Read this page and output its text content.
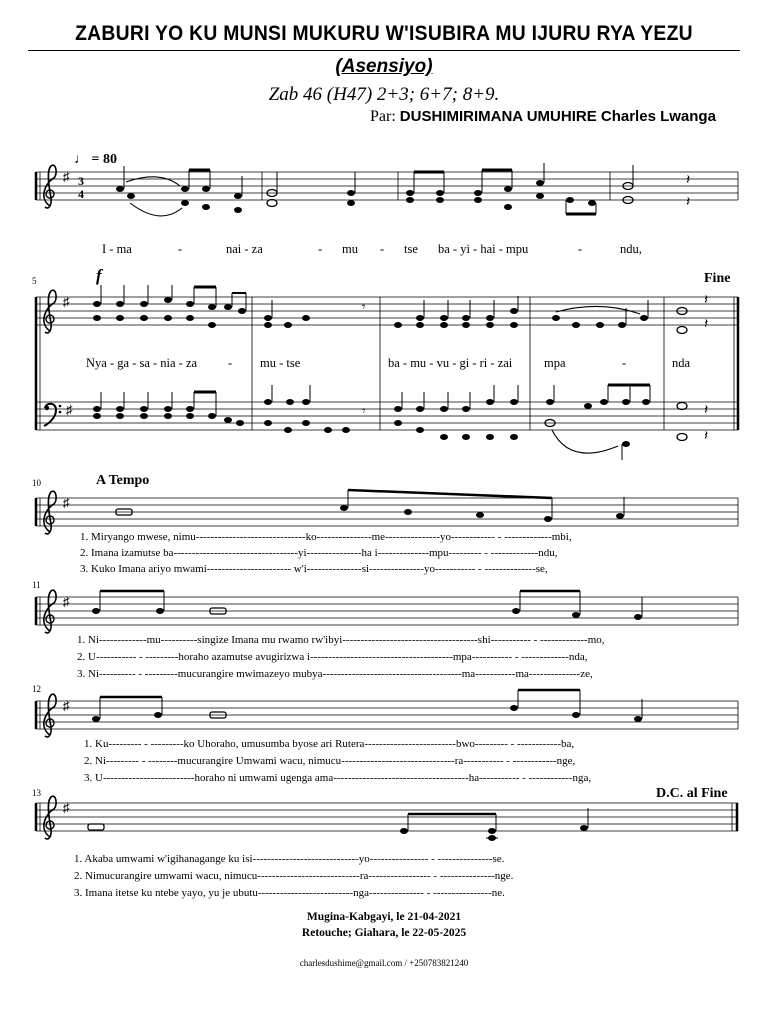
ZABURI YO KU MUNSI MUKURU W'ISUBIRA MU IJURU RYA YEZU
(Asensiyo)
Zab 46 (H47) 2+3; 6+7; 8+9.
Par: DUSHIMIRIMANA UMUHIRE Charles Lwanga
♩ = 80
♯ 3
4
𝄽
𝄽
♯
♯
𝄾
𝄾
𝄽
𝄽
𝄽
𝄽
♯
♯
♯
♯
I - ma	-	nai - za	- mu - tse ba - yi - hai - mpu	-	ndu,
5	f	Fine
Nya - ga - sa - nia - za - mu - tse	ba - mu - vu - gi - ri - zai	mpa	-	nda
10	A Tempo
1. Miryango mwese, nimu------------------------------ko---------------me---------------yo------------ - -------------mbi,
2. Imana izamutse ba----------------------------------yi---------------ha i--------------mpu--------- - -------------ndu,
3. Kuko Imana ariyo mwami----------------------- w'i---------------si---------------yo----------- - --------------se,
11
1. Ni-------------mu----------singize Imana mu rwamo rw'ibyi-------------------------------------shi----------- - -------------mo,
2. U----------- - ---------horaho azamutse avugirizwa i---------------------------------------mpa----------- - -------------nda,
3. Ni---------- - ---------mucurangire mwimazeyo mubya--------------------------------------ma-----------ma--------------ze,
12
1. Ku--------- - ---------ko Uhoraho, umusumba byose ari Rutera-------------------------bwo--------- - ------------ba,
2. Ni--------- - --------mucurangire Umwami wacu, nimucu-------------------------------ra----------- - ------------nge,
3. U-------------------------horaho ni umwami ugenga ama-------------------------------------ha----------- - ------------nga,
13	D.C. al Fine
1. Akaba umwami w'igihanagange ku isi-----------------------------yo---------------- - ---------------se.
2. Nimucurangire umwami wacu, nimucu----------------------------ra----------------- - ---------------nge.
3. Imana itetse ku ntebe yayo, yu je ubutu--------------------------nga--------------- - ----------------ne.
Mugina-Kabgayi, le 21-04-2021
Retouche; Giahara, le 22-05-2025
charlesdushime@gmail.com / +250783821240
